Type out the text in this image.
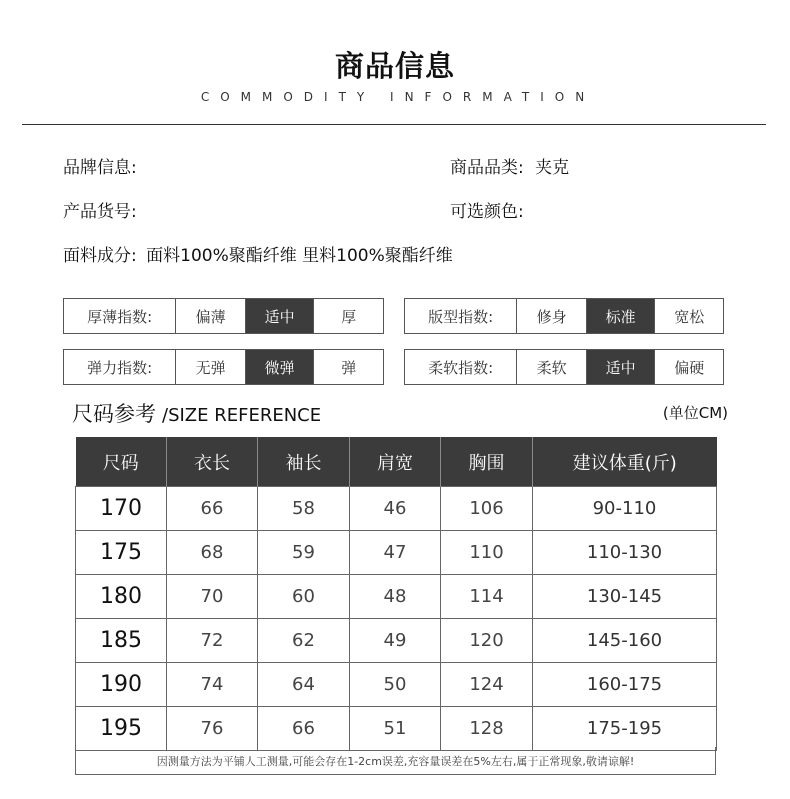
商品信息
COMMODITY INFORMATION
品牌信息:	商品品类: 夹克
产品货号:	可选颜色:
面料成分: 面料100%聚酯纤维 里料100%聚酯纤维
厚薄指数:	偏薄	适中	厚	版型指数:	修身	标准	宽松
弹力指数:	无弹	微弹	弹	柔软指数:	柔软	适中	偏硬
尺码参考 /SIZE REFERENCE	(单位CM)
尺码	衣长	袖长	肩宽	胸围	建议体重(斤)
170	66	58	46	106	90-110
175	68	59	47	110	110-130
180	70	60	48	114	130-145
185	72	62	49	120	145-160
190	74	64	50	124	160-175
195	76	66	51	128	175-195
因测量方法为平铺人工测量,可能会存在1-2cm误差,充容量误差在5%左右,属于正常现象,敬请谅解!
